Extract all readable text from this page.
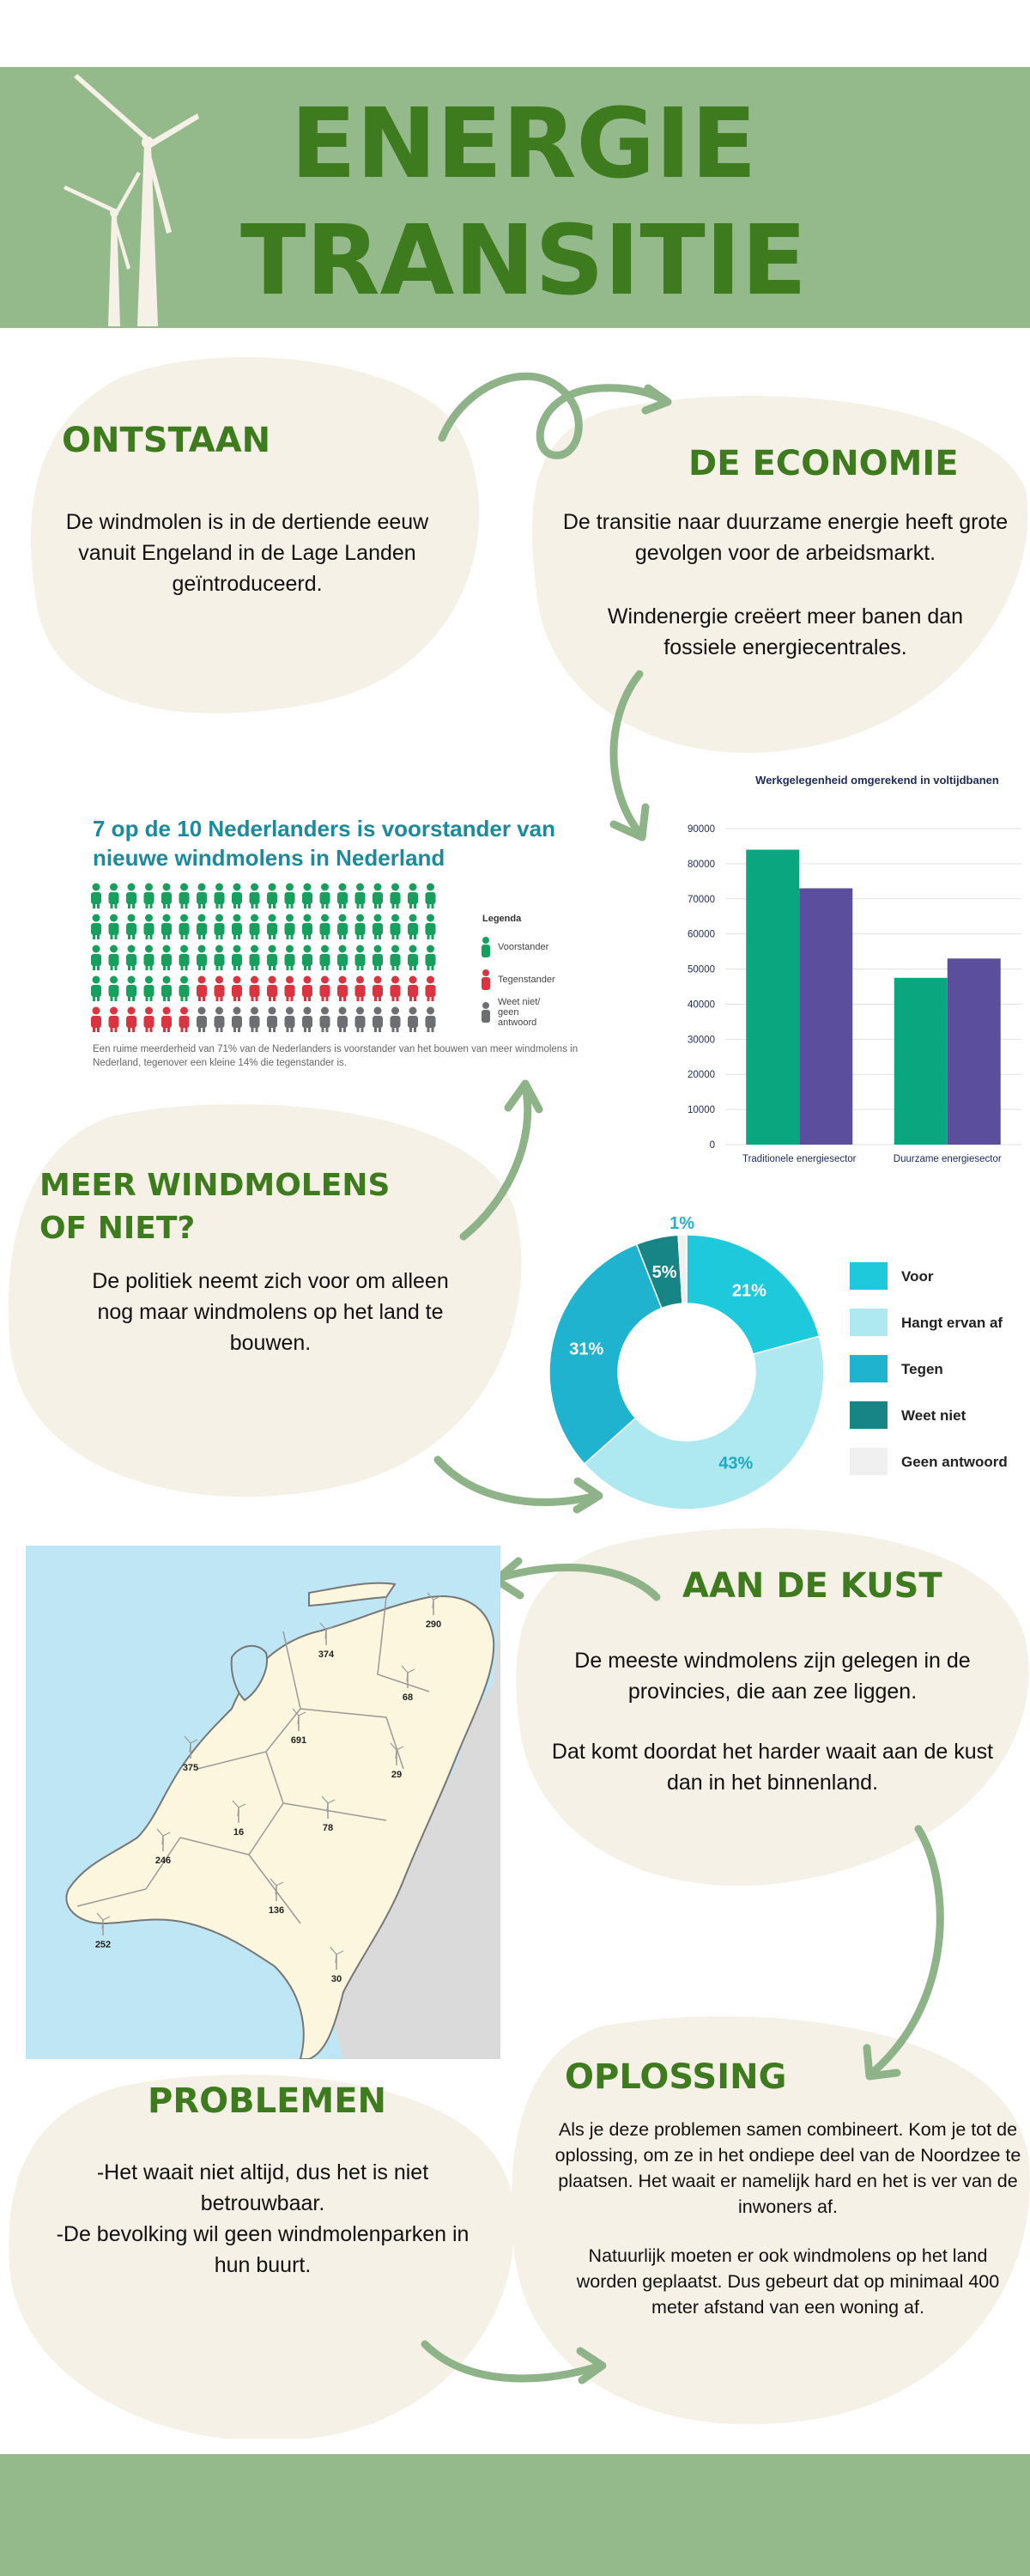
ENERGIE
TRANSITIE
ONTSTAAN
De windmolen is in de dertiende eeuw vanuit Engeland in de Lage Landen geïntroduceerd.
DE ECONOMIE
De transitie naar duurzame energie heeft grote gevolgen voor de arbeidsmarkt.
Windenergie creëert meer banen dan fossiele energiecentrales.
7 op de 10 Nederlanders is voorstander van nieuwe windmolens in Nederland
Legenda
Voorstander
Tegenstander
Weet niet/ geen antwoord
Een ruime meerderheid van 71% van de Nederlanders is voorstander van het bouwen van meer windmolens in Nederland, tegenover een kleine 14% die tegenstander is.
Werkgelegenheid omgerekend in voltijdbanen
0
10000
20000
30000
40000
50000
60000
70000
80000
90000
Traditionele energiesector	Duurzame energiesector
MEER WINDMOLENS OF NIET?
De politiek neemt zich voor om alleen nog maar windmolens op het land te bouwen.
21%
43%
31%
5%
1%
Voor
Hangt ervan af
Tegen
Weet niet
Geen antwoord
290
374
68
691
375
29
16	78
246
136
252
30
AAN DE KUST
De meeste windmolens zijn gelegen in de provincies, die aan zee liggen.
Dat komt doordat het harder waait aan de kust dan in het binnenland.
PROBLEMEN
-Het waait niet altijd, dus het is niet betrouwbaar.
-De bevolking wil geen windmolenparken in hun buurt.
OPLOSSING
Als je deze problemen samen combineert. Kom je tot de oplossing, om ze in het ondiepe deel van de Noordzee te plaatsen. Het waait er namelijk hard en het is ver van de inwoners af.
Natuurlijk moeten er ook windmolens op het land worden geplaatst. Dus gebeurt dat op minimaal 400 meter afstand van een woning af.
